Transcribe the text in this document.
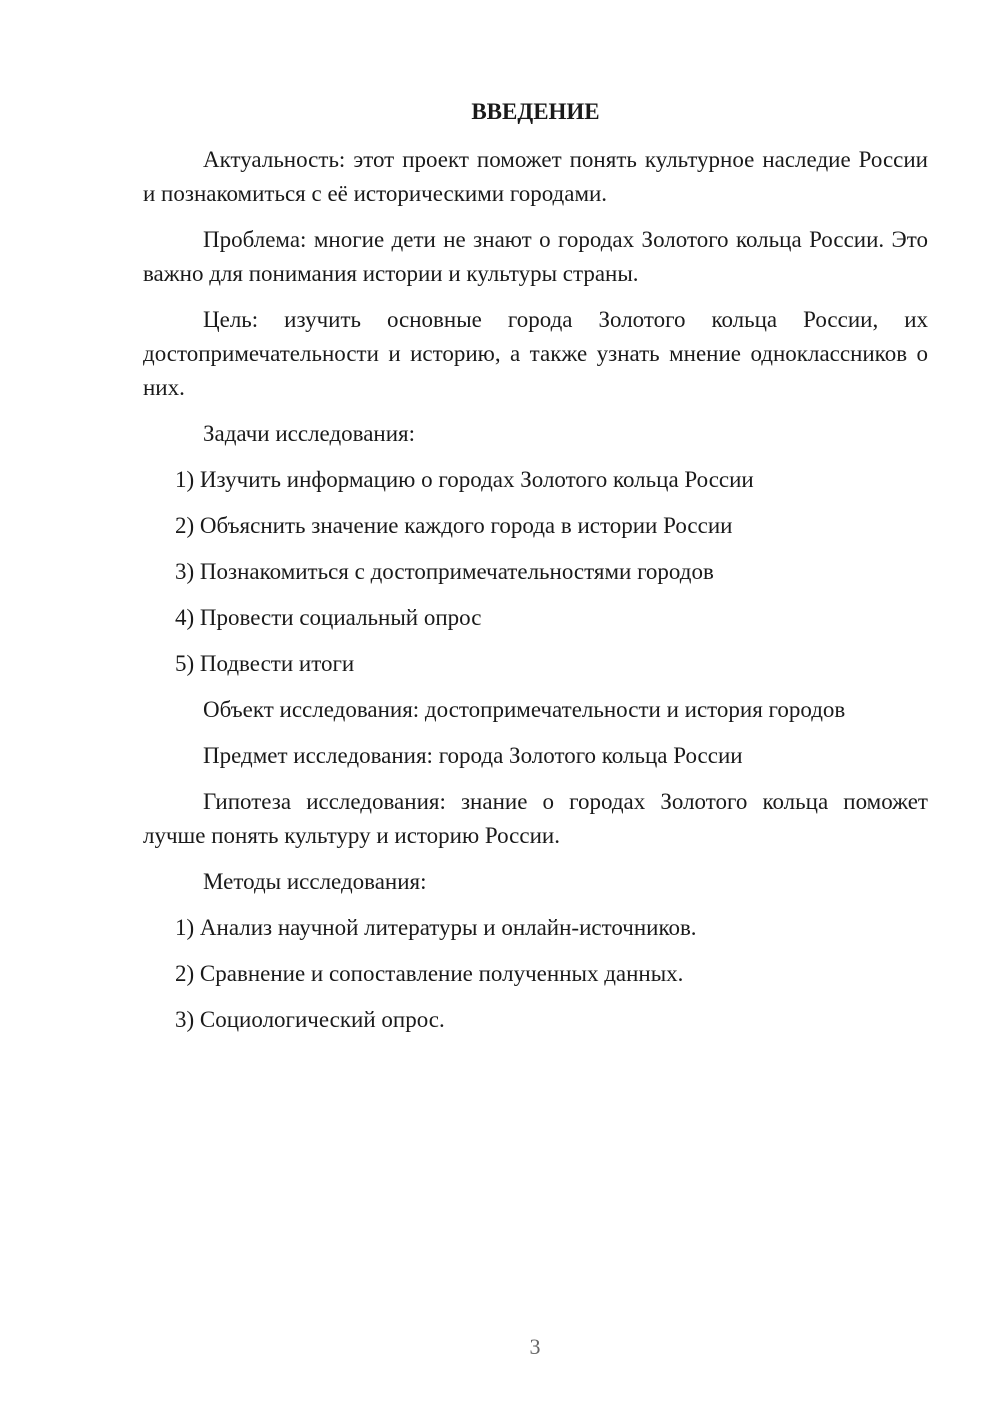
ВВЕДЕНИЕ

Актуальность: этот проект поможет понять культурное наследие России и познакомиться с её историческими городами.

Проблема: многие дети не знают о городах Золотого кольца России. Это важно для понимания истории и культуры страны.

Цель: изучить основные города Золотого кольца России, их достопримечательности и историю, а также узнать мнение одноклассников о них.

Задачи исследования:

1) Изучить информацию о городах Золотого кольца России

2) Объяснить значение каждого города в истории России

3) Познакомиться с достопримечательностями городов

4) Провести социальный опрос

5) Подвести итоги

Объект исследования: достопримечательности и история городов

Предмет исследования: города Золотого кольца России

Гипотеза исследования: знание о городах Золотого кольца поможет лучше понять культуру и историю России.

Методы исследования:

1) Анализ научной литературы и онлайн-источников.

2) Сравнение и сопоставление полученных данных.

3) Социологический опрос.

3
